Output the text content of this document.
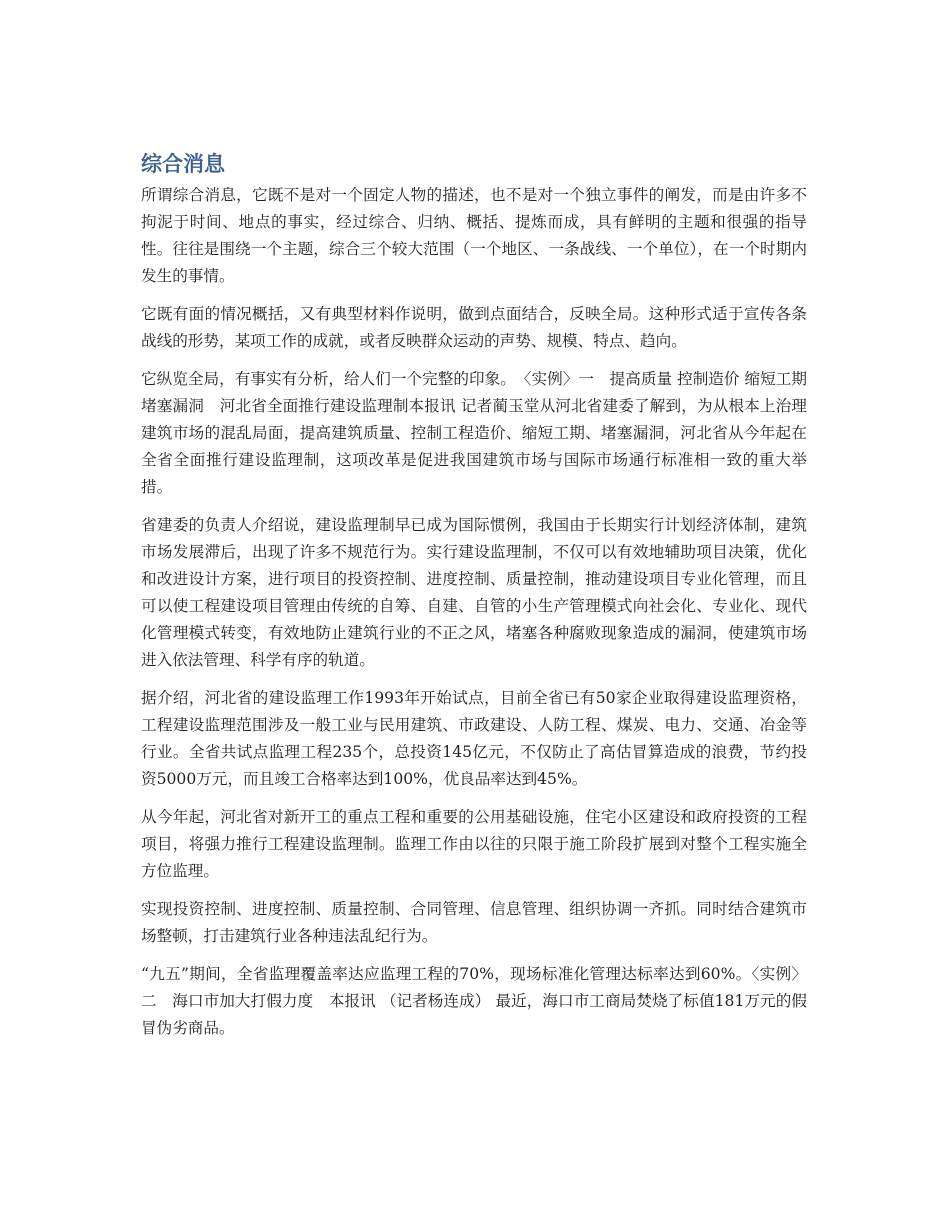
综合消息

所谓综合消息，它既不是对一个固定人物的描述，也不是对一个独立事件的阐发，而是由许多不拘泥于时间、地点的事实，经过综合、归纳、概括、提炼而成，具有鲜明的主题和很强的指导性。往往是围绕一个主题，综合三个较大范围（一个地区、一条战线、一个单位），在一个时期内发生的事情。

它既有面的情况概括，又有典型材料作说明，做到点面结合，反映全局。这种形式适于宣传各条战线的形势，某项工作的成就，或者反映群众运动的声势、规模、特点、趋向。

它纵览全局，有事实有分析，给人们一个完整的印象。　〈实例〉一　提高质量 控制造价 缩短工期 堵塞漏洞　河北省全面推行建设监理制本报讯 记者蔺玉堂从河北省建委了解到，为从根本上治理建筑市场的混乱局面，提高建筑质量、控制工程造价、缩短工期、堵塞漏洞，河北省从今年起在全省全面推行建设监理制，这项改革是促进我国建筑市场与国际市场通行标准相一致的重大举措。

省建委的负责人介绍说，建设监理制早已成为国际惯例，我国由于长期实行计划经济体制，建筑市场发展滞后，出现了许多不规范行为。实行建设监理制，不仅可以有效地辅助项目决策，优化和改进设计方案，进行项目的投资控制、进度控制、质量控制，推动建设项目专业化管理，而且可以使工程建设项目管理由传统的自筹、自建、自管的小生产管理模式向社会化、专业化、现代化管理模式转变，有效地防止建筑行业的不正之风，堵塞各种腐败现象造成的漏洞，使建筑市场进入依法管理、科学有序的轨道。

据介绍，河北省的建设监理工作1993年开始试点，目前全省已有50家企业取得建设监理资格，工程建设监理范围涉及一般工业与民用建筑、市政建设、人防工程、煤炭、电力、交通、冶金等行业。全省共试点监理工程235个，总投资145亿元，不仅防止了高估冒算造成的浪费，节约投资5000万元，而且竣工合格率达到100%，优良品率达到45%。

从今年起，河北省对新开工的重点工程和重要的公用基础设施，住宅小区建设和政府投资的工程项目，将强力推行工程建设监理制。监理工作由以往的只限于施工阶段扩展到对整个工程实施全方位监理。

实现投资控制、进度控制、质量控制、合同管理、信息管理、组织协调一齐抓。同时结合建筑市场整顿，打击建筑行业各种违法乱纪行为。

“九五”期间，全省监理覆盖率达应监理工程的70%，现场标准化管理达标率达到60%。〈实例〉二　海口市加大打假力度　本报讯 （记者杨连成） 最近，海口市工商局焚烧了标值181万元的假冒伪劣商品。
